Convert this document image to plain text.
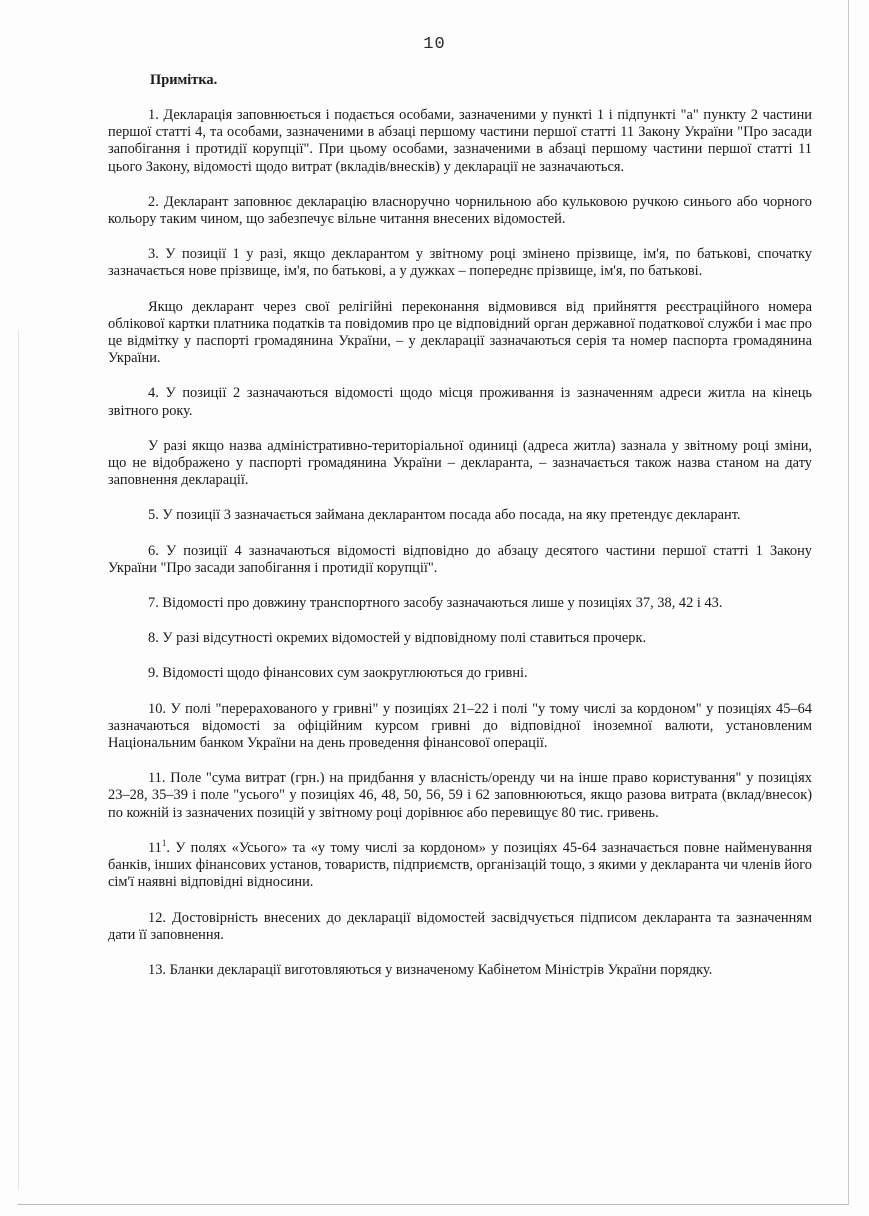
10
Примітка.

1. Декларація заповнюється і подається особами, зазначеними у пункті 1 і підпункті "а" пункту 2 частини першої статті 4, та особами, зазначеними в абзаці першому частини першої статті 11 Закону України "Про засади запобігання і протидії корупції". При цьому особами, зазначеними в абзаці першому частини першої статті 11 цього Закону, відомості щодо витрат (вкладів/внесків) у декларації не зазначаються.

2. Декларант заповнює декларацію власноручно чорнильною або кульковою ручкою синього або чорного кольору таким чином, що забезпечує вільне читання внесених відомостей.

3. У позиції 1 у разі, якщо декларантом у звітному році змінено прізвище, ім'я, по батькові, спочатку зазначається нове прізвище, ім'я, по батькові, а у дужках – попереднє прізвище, ім'я, по батькові.

Якщо декларант через свої релігійні переконання відмовився від прийняття реєстраційного номера облікової картки платника податків та повідомив про це відповідний орган державної податкової служби і має про це відмітку у паспорті громадянина України, – у декларації зазначаються серія та номер паспорта громадянина України.

4. У позиції 2 зазначаються відомості щодо місця проживання із зазначенням адреси житла на кінець звітного року.

У разі якщо назва адміністративно-територіальної одиниці (адреса житла) зазнала у звітному році зміни, що не відображено у паспорті громадянина України – декларанта, – зазначається також назва станом на дату заповнення декларації.

5. У позиції 3 зазначається займана декларантом посада або посада, на яку претендує декларант.

6. У позиції 4 зазначаються відомості відповідно до абзацу десятого частини першої статті 1 Закону України "Про засади запобігання і протидії корупції".

7. Відомості про довжину транспортного засобу зазначаються лише у позиціях 37, 38, 42 і 43.

8. У разі відсутності окремих відомостей у відповідному полі ставиться прочерк.

9. Відомості щодо фінансових сум заокруглюються до гривні.

10. У полі "перерахованого у гривні" у позиціях 21–22 і полі "у тому числі за кордоном" у позиціях 45–64 зазначаються відомості за офіційним курсом гривні до відповідної іноземної валюти, установленим Національним банком України на день проведення фінансової операції.

11. Поле "сума витрат (грн.) на придбання у власність/оренду чи на інше право користування" у позиціях 23–28, 35–39 і поле "усього" у позиціях 46, 48, 50, 56, 59 і 62 заповнюються, якщо разова витрата (вклад/внесок) по кожній із зазначених позицій у звітному році дорівнює або перевищує 80 тис. гривень.

$11^1$. У полях «Усього» та «у тому числі за кордоном» у позиціях 45-64 зазначається повне найменування банків, інших фінансових установ, товариств, підприємств, організацій тощо, з якими у декларанта чи членів його сім'ї наявні відповідні відносини.

12. Достовірність внесених до декларації відомостей засвідчується підписом декларанта та зазначенням дати її заповнення.

13. Бланки декларації виготовляються у визначеному Кабінетом Міністрів України порядку.
